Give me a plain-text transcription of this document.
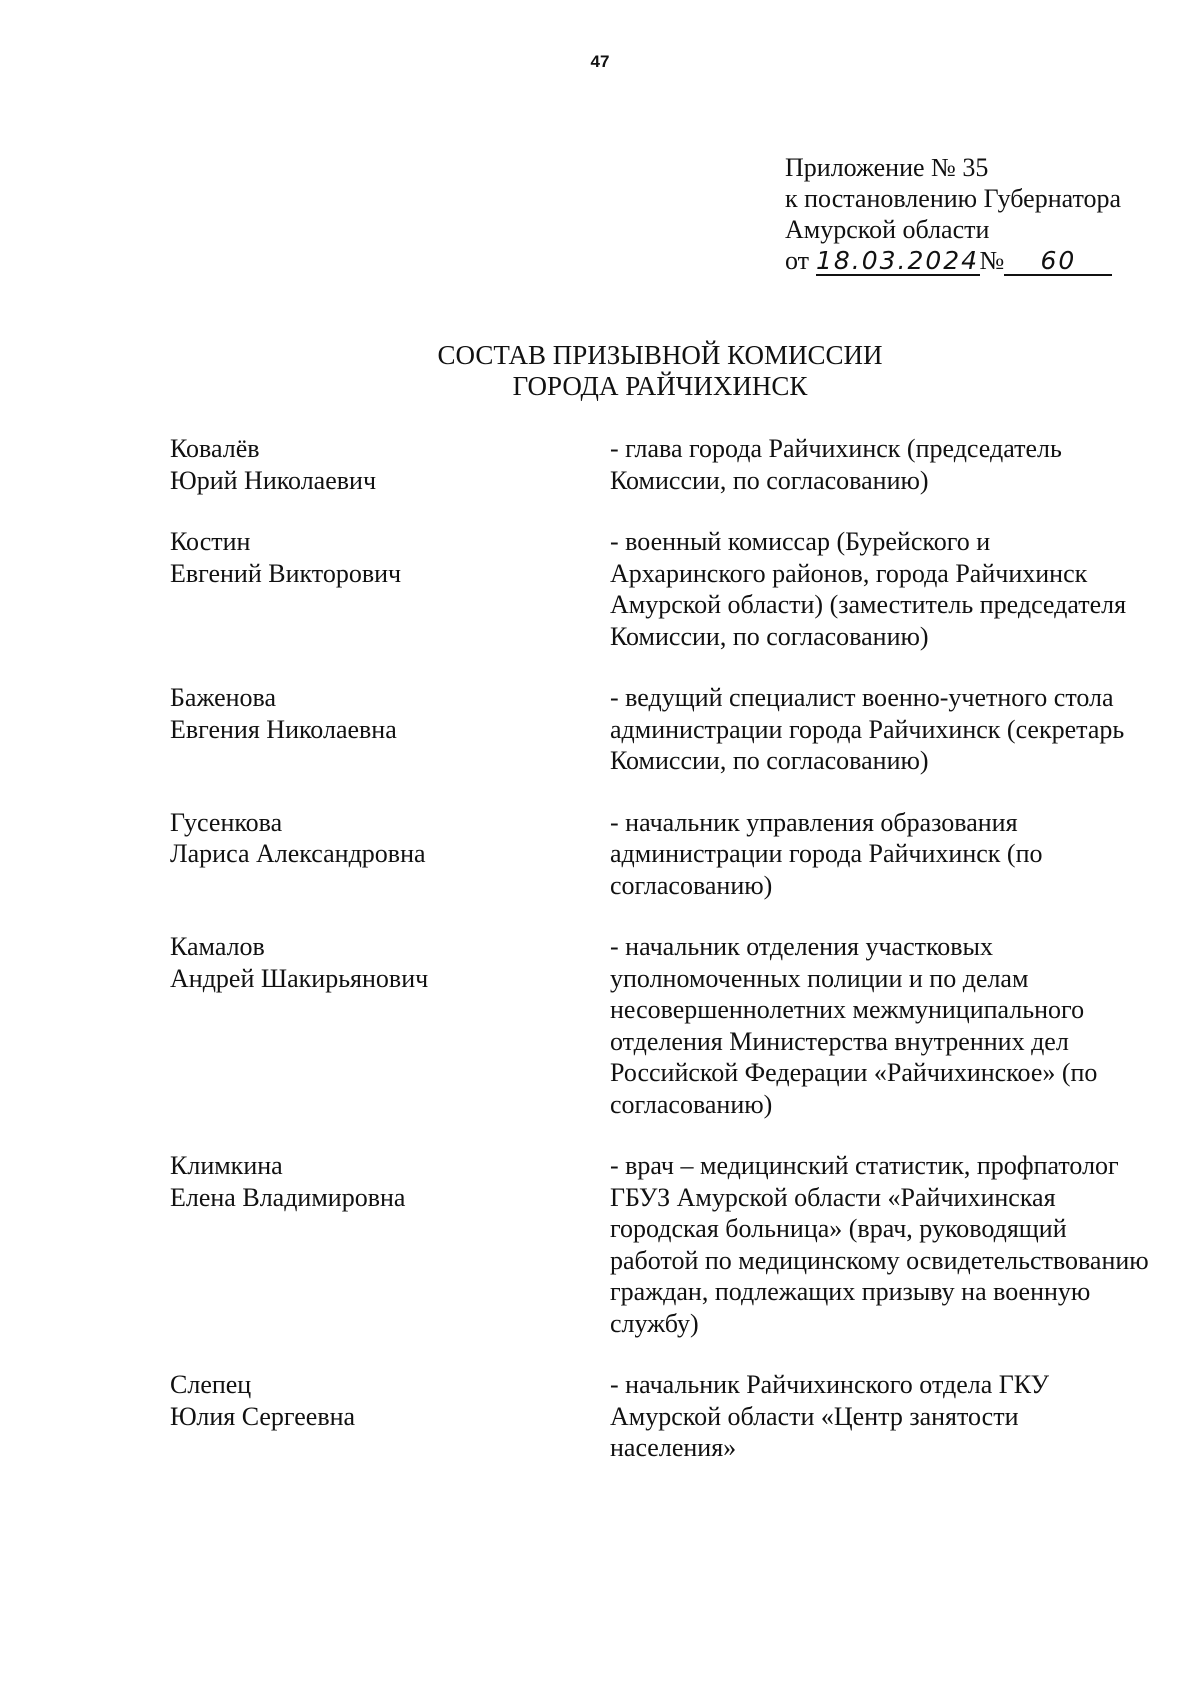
47
Приложение № 35
к постановлению Губернатора
Амурской области
от 18.03.2024№ 60
СОСТАВ ПРИЗЫВНОЙ КОМИССИИ
ГОРОДА РАЙЧИХИНСК
Ковалёв
Юрий Николаевич
- глава города Райчихинск (председатель Комиссии, по согласованию)
Костин
Евгений Викторович
- военный комиссар (Бурейского и Архаринского районов, города Райчихинск Амурской области) (заместитель председателя Комиссии, по согласованию)
Баженова
Евгения Николаевна
- ведущий специалист военно-учетного стола администрации города Райчихинск (секретарь Комиссии, по согласованию)
Гусенкова
Лариса Александровна
- начальник управления образования администрации города Райчихинск (по согласованию)
Камалов
Андрей Шакирьянович
- начальник отделения участковых уполномоченных полиции и по делам несовершеннолетних межмуниципального отделения Министерства внутренних дел Российской Федерации «Райчихинское» (по согласованию)
Климкина
Елена Владимировна
- врач – медицинский статистик, профпатолог ГБУЗ Амурской области «Райчихинская городская больница» (врач, руководящий работой по медицинскому освидетельствованию граждан, подлежащих призыву на военную службу)
Слепец
Юлия Сергеевна
- начальник Райчихинского отдела ГКУ Амурской области «Центр занятости населения»
